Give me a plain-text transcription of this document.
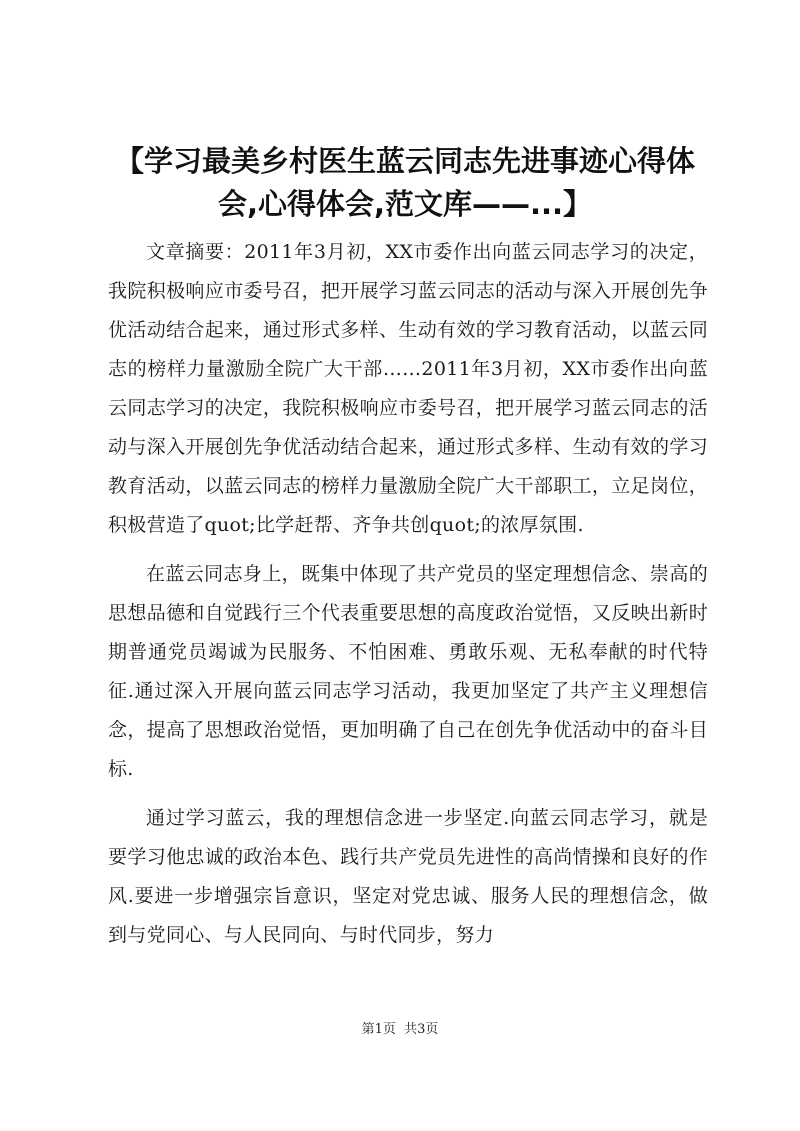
【学习最美乡村医生蓝云同志先进事迹心得体会,心得体会,范文库——...】

文章摘要：2011年3月初，XX市委作出向蓝云同志学习的决定，我院积极响应市委号召，把开展学习蓝云同志的活动与深入开展创先争优活动结合起来，通过形式多样、生动有效的学习教育活动，以蓝云同志的榜样力量激励全院广大干部……2011年3月初，XX市委作出向蓝云同志学习的决定，我院积极响应市委号召，把开展学习蓝云同志的活动与深入开展创先争优活动结合起来，通过形式多样、生动有效的学习教育活动，以蓝云同志的榜样力量激励全院广大干部职工，立足岗位，积极营造了quot;比学赶帮、齐争共创quot;的浓厚氛围.

在蓝云同志身上，既集中体现了共产党员的坚定理想信念、崇高的思想品德和自觉践行三个代表重要思想的高度政治觉悟，又反映出新时期普通党员竭诚为民服务、不怕困难、勇敢乐观、无私奉献的时代特征.通过深入开展向蓝云同志学习活动，我更加坚定了共产主义理想信念，提高了思想政治觉悟，更加明确了自己在创先争优活动中的奋斗目标.

通过学习蓝云，我的理想信念进一步坚定.向蓝云同志学习，就是要学习他忠诚的政治本色、践行共产党员先进性的高尚情操和良好的作风.要进一步增强宗旨意识，坚定对党忠诚、服务人民的理想信念，做到与党同心、与人民同向、与时代同步，努力

第1页 共3页
